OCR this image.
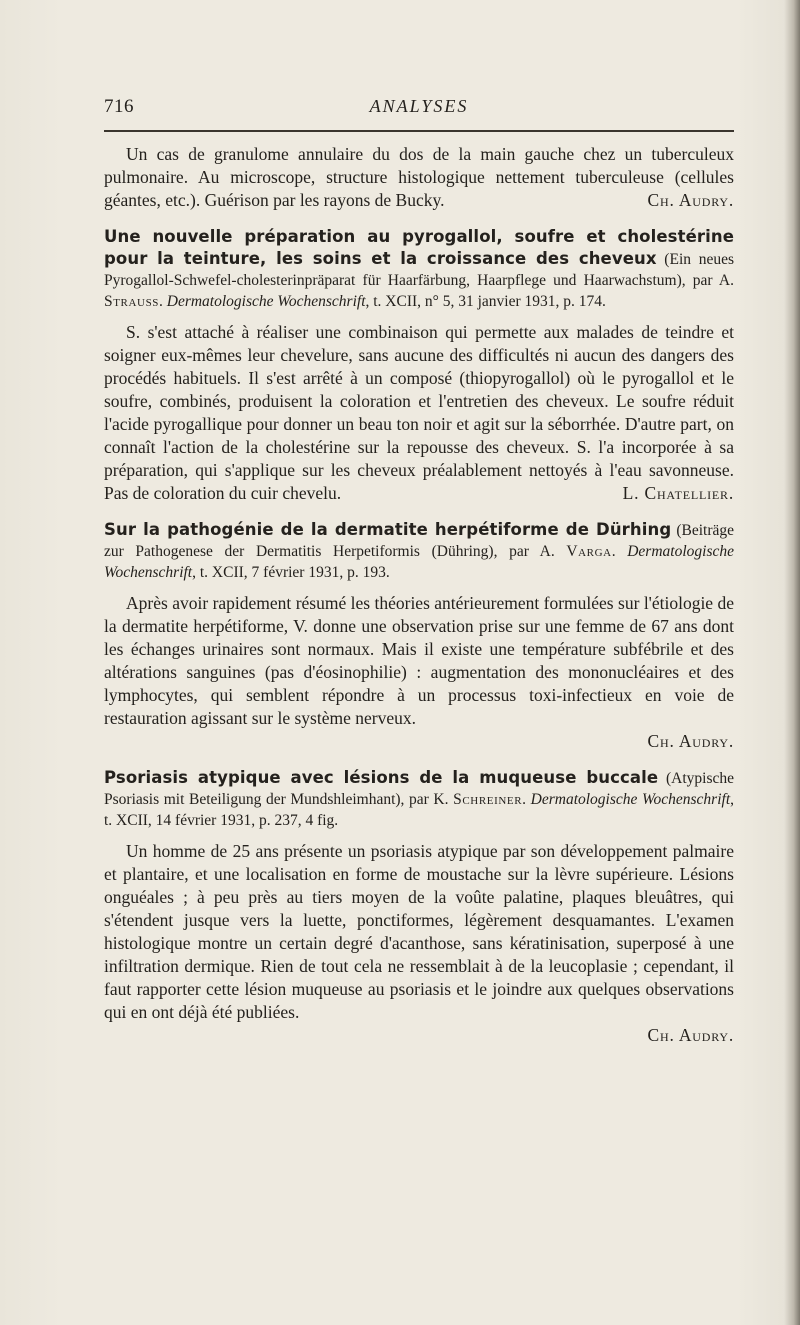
716	ANALYSES

Un cas de granulome annulaire du dos de la main gauche chez un tuberculeux pulmonaire. Au microscope, structure histologique nettement tuberculeuse (cellules géantes, etc.). Guérison par les rayons de Bucky.	Ch. Audry.

Une nouvelle préparation au pyrogallol, soufre et cholestérine pour la teinture, les soins et la croissance des cheveux (Ein neues Pyrogallol-Schwefel-cholesterinpräparat für Haarfärbung, Haarpflege und Haarwachstum), par A. Strauss. Dermatologische Wochenschrift, t. XCII, n° 5, 31 janvier 1931, p. 174.

S. s'est attaché à réaliser une combinaison qui permette aux malades de teindre et soigner eux-mêmes leur chevelure, sans aucune des difficultés ni aucun des dangers des procédés habituels. Il s'est arrêté à un composé (thiopyrogallol) où le pyrogallol et le soufre, combinés, produisent la coloration et l'entretien des cheveux. Le soufre réduit l'acide pyrogallique pour donner un beau ton noir et agit sur la séborrhée. D'autre part, on connaît l'action de la cholestérine sur la repousse des cheveux. S. l'a incorporée à sa préparation, qui s'applique sur les cheveux préalablement nettoyés à l'eau savonneuse. Pas de coloration du cuir chevelu.	L. Chatellier.

Sur la pathogénie de la dermatite herpétiforme de Dürhing (Beiträge zur Pathogenese der Dermatitis Herpetiformis (Dühring), par A. Varga. Dermatologische Wochenschrift, t. XCII, 7 février 1931, p. 193.

Après avoir rapidement résumé les théories antérieurement formulées sur l'étiologie de la dermatite herpétiforme, V. donne une observation prise sur une femme de 67 ans dont les échanges urinaires sont normaux. Mais il existe une température subfébrile et des altérations sanguines (pas d'éosinophilie) : augmentation des mononucléaires et des lymphocytes, qui semblent répondre à un processus toxi-infectieux en voie de restauration agissant sur le système nerveux.

Ch. Audry.

Psoriasis atypique avec lésions de la muqueuse buccale (Atypische Psoriasis mit Beteiligung der Mundshleimhant), par K. Schreiner. Dermatologische Wochenschrift, t. XCII, 14 février 1931, p. 237, 4 fig.

Un homme de 25 ans présente un psoriasis atypique par son développement palmaire et plantaire, et une localisation en forme de moustache sur la lèvre supérieure. Lésions onguéales ; à peu près au tiers moyen de la voûte palatine, plaques bleuâtres, qui s'étendent jusque vers la luette, ponctiformes, légèrement desquamantes. L'examen histologique montre un certain degré d'acanthose, sans kératinisation, superposé à une infiltration dermique. Rien de tout cela ne ressemblait à de la leucoplasie ; cependant, il faut rapporter cette lésion muqueuse au psoriasis et le joindre aux quelques observations qui en ont déjà été publiées.

Ch. Audry.
